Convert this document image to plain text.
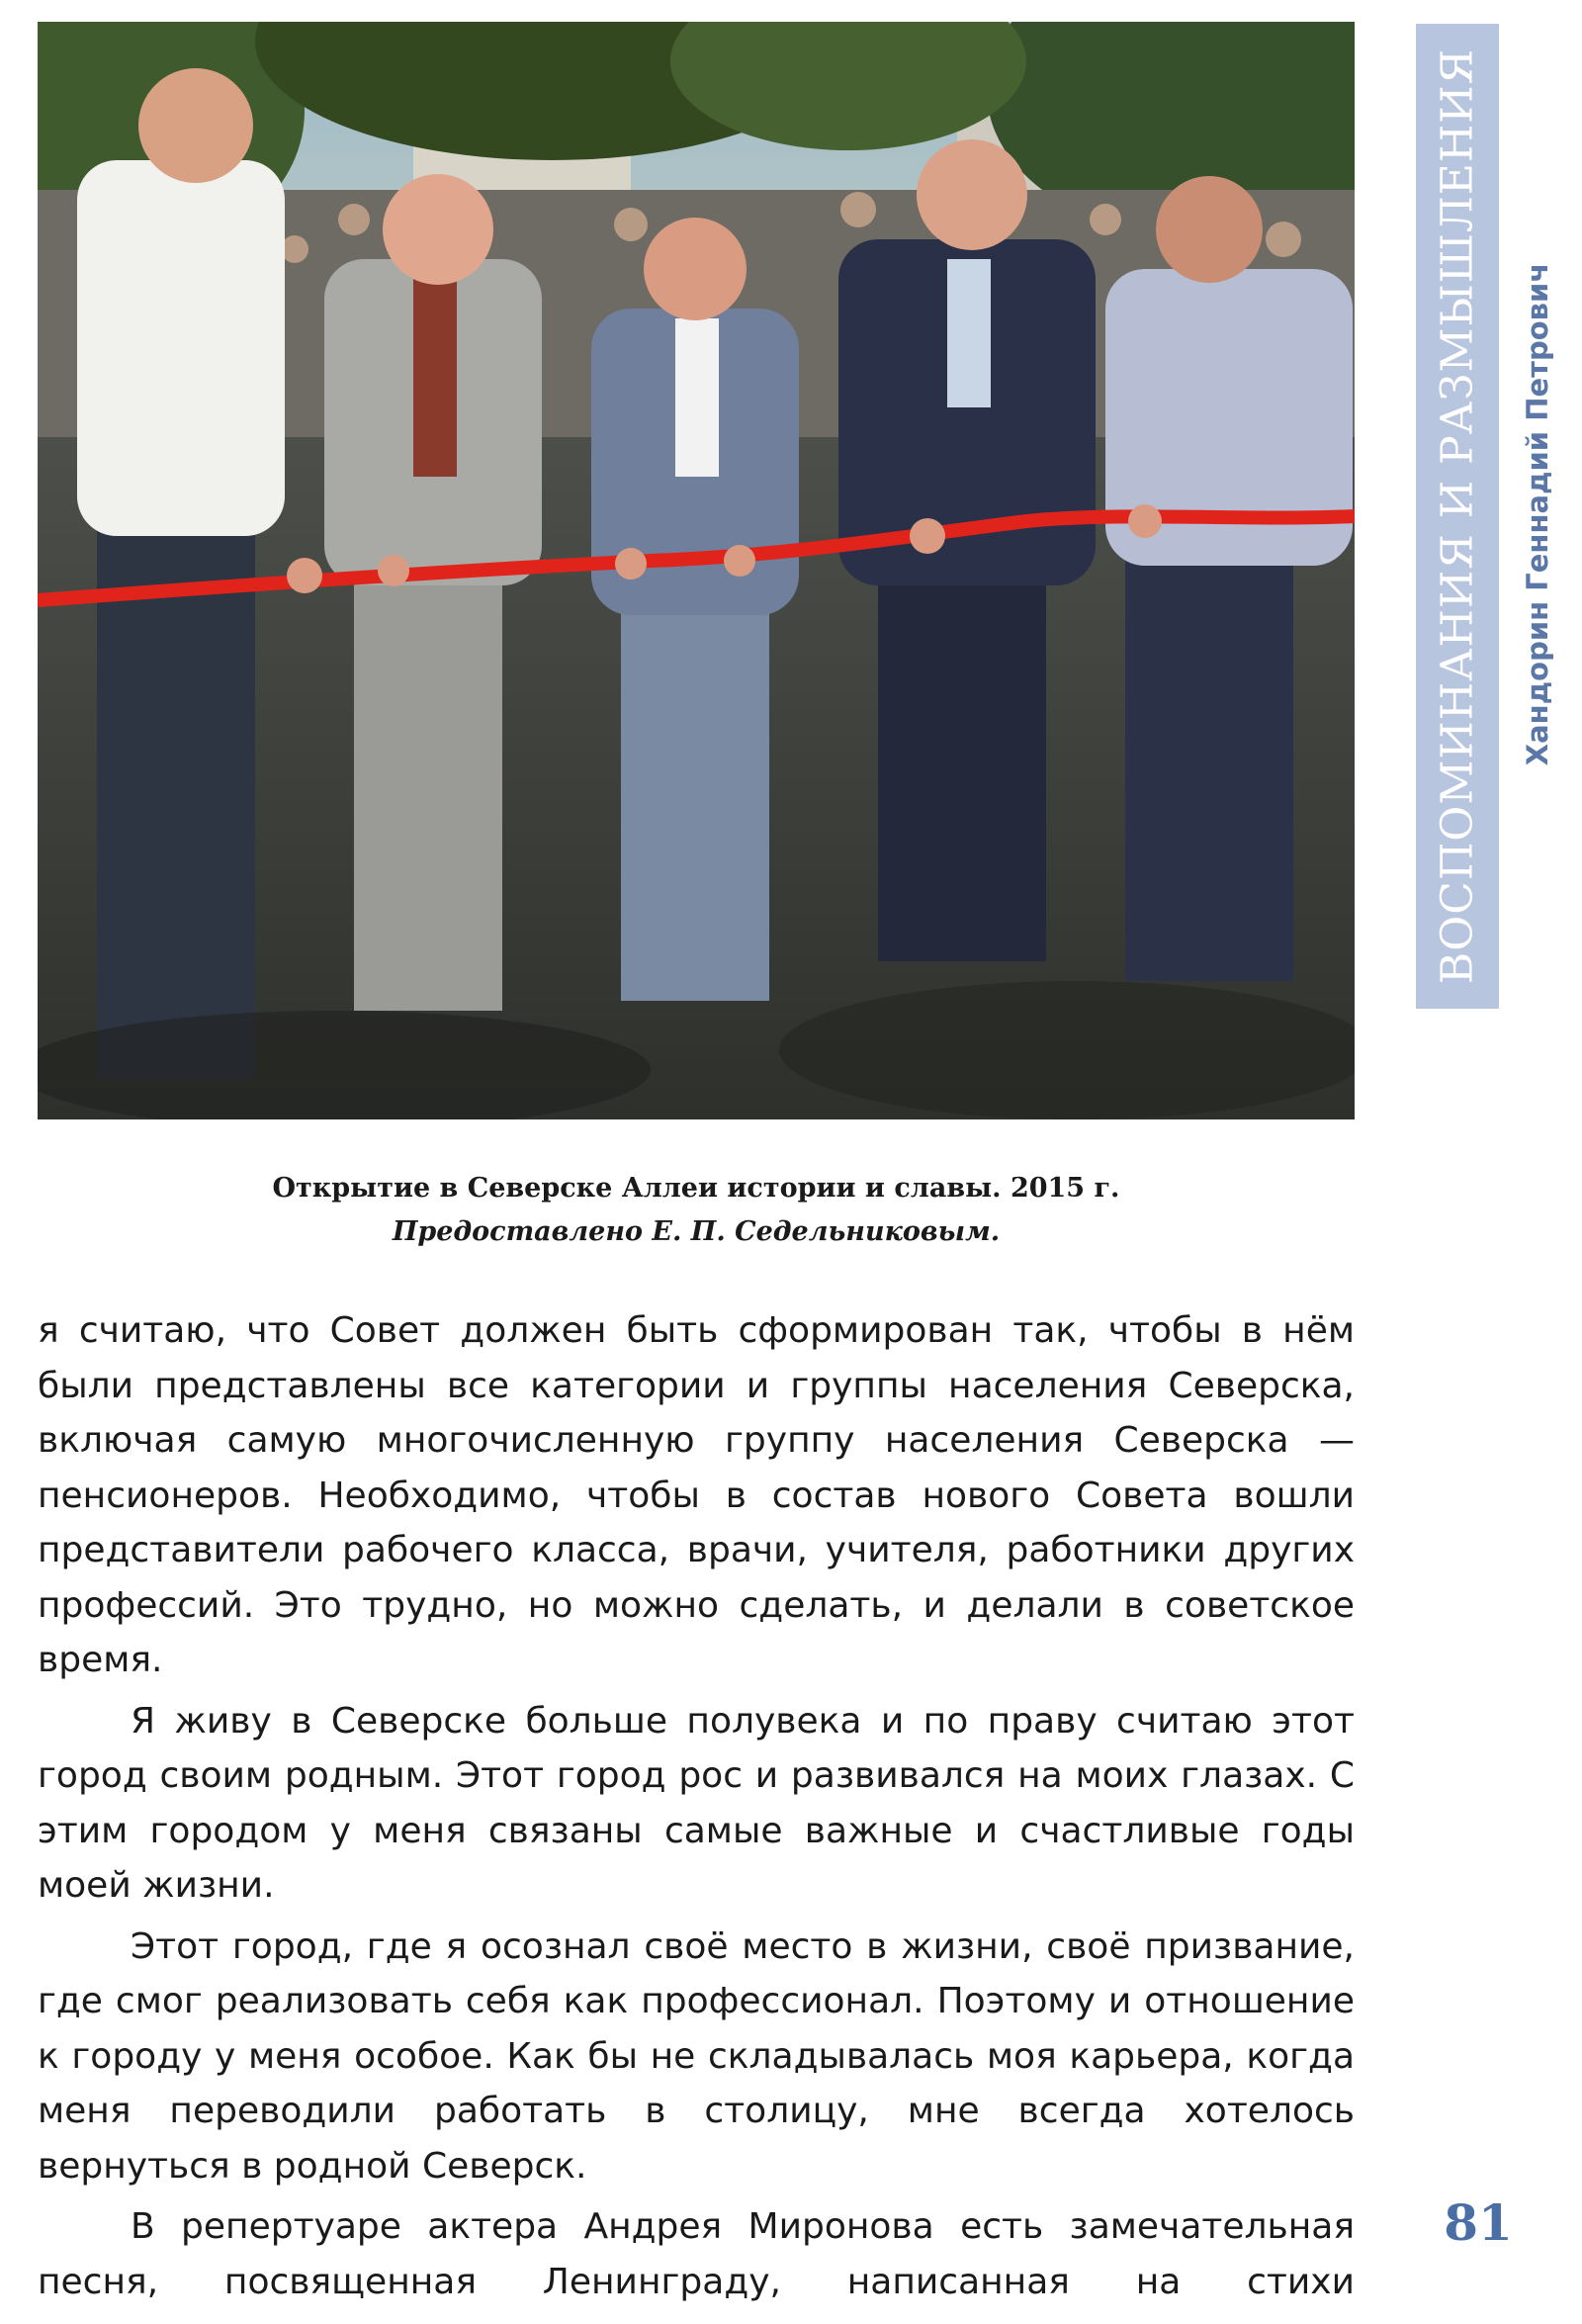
Открытие в Северске Аллеи истории и славы. 2015 г.
Предоставлено Е. П. Седельниковым.

я считаю, что Совет должен быть сформирован так, чтобы в нём были представлены все категории и группы населения Северска, включая самую многочисленную группу населения Северска — пенсионеров. Необходимо, чтобы в состав нового Совета вошли представители рабочего класса, врачи, учителя, работники других профессий. Это трудно, но можно сделать, и делали в советское время.

Я живу в Северске больше полувека и по праву считаю этот город своим родным. Этот город рос и развивался на моих глазах. С этим городом у меня связаны самые важные и счастливые годы моей жизни.

Этот город, где я осознал своё место в жизни, своё призвание, где смог реализовать себя как профессионал. Поэтому и отношение к городу у меня особое. Как бы не складывалась моя карьера, когда меня переводили работать в столицу, мне всегда хотелось вернуться в родной Северск.

В репертуаре актера Андрея Миронова есть замечательная песня, посвященная Ленинграду, написанная на стихи

ВОСПОМИНАНИЯ И РАЗМЫШЛЕНИЯ Хандорин Геннадий Петрович
81
